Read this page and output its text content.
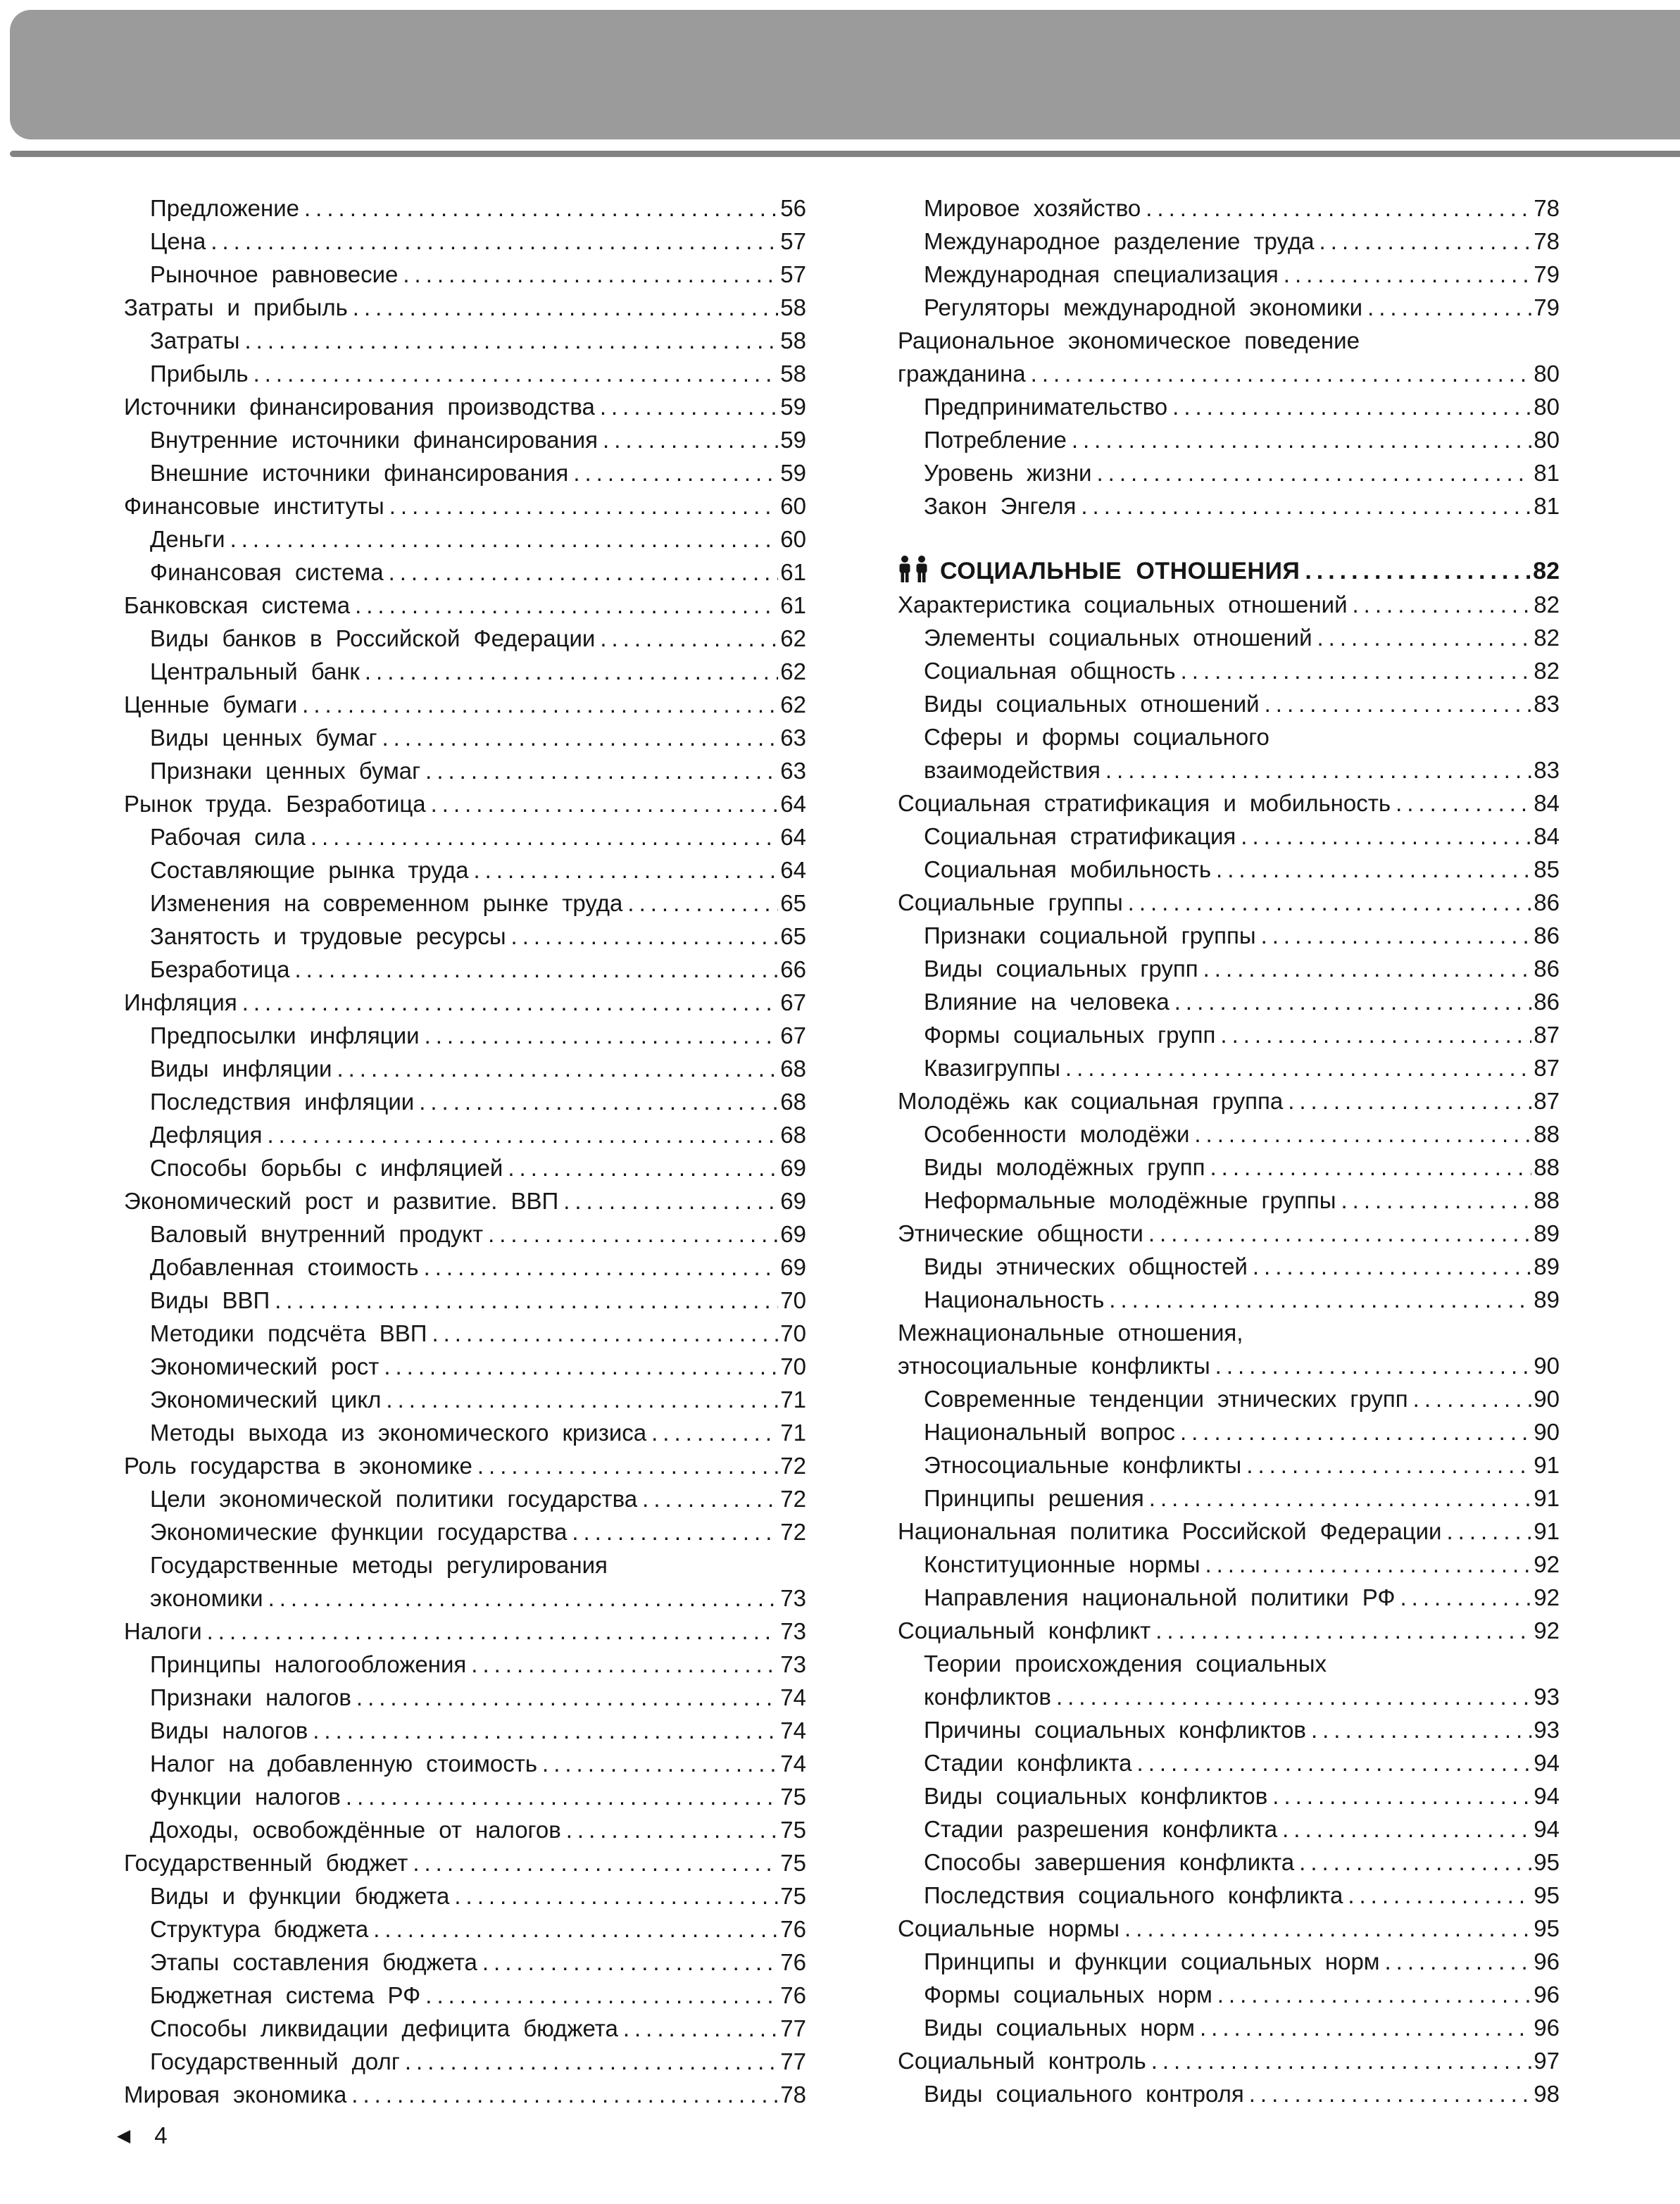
Предложение .....	56
Цена .....	57
Рыночное равновесие .....	57
Затраты и прибыль .....	58
Затраты .....	58
Прибыль .....	58
Источники финансирования производства .....	59
Внутренние источники финансирования .....	59
Внешние источники финансирования .....	59
Финансовые институты .....	60
Деньги .....	60
Финансовая система .....	61
Банковская система .....	61
Виды банков в Российской Федерации .....	62
Центральный банк .....	62
Ценные бумаги .....	62
Виды ценных бумаг .....	63
Признаки ценных бумаг .....	63
Рынок труда. Безработица .....	64
Рабочая сила .....	64
Составляющие рынка труда .....	64
Изменения на современном рынке труда .....	65
Занятость и трудовые ресурсы .....	65
Безработица .....	66
Инфляция .....	67
Предпосылки инфляции .....	67
Виды инфляции .....	68
Последствия инфляции .....	68
Дефляция .....	68
Способы борьбы с инфляцией .....	69
Экономический рост и развитие. ВВП .....	69
Валовый внутренний продукт .....	69
Добавленная стоимость .....	69
Виды ВВП .....	70
Методики подсчёта ВВП .....	70
Экономический рост .....	70
Экономический цикл .....	71
Методы выхода из экономического кризиса .....	71
Роль государства в экономике .....	72
Цели экономической политики государства .....	72
Экономические функции государства .....	72
Государственные методы регулирования
экономики .....	73
Налоги .....	73
Принципы налогообложения .....	73
Признаки налогов .....	74
Виды налогов .....	74
Налог на добавленную стоимость .....	74
Функции налогов .....	75
Доходы, освобождённые от налогов .....	75
Государственный бюджет .....	75
Виды и функции бюджета .....	75
Структура бюджета .....	76
Этапы составления бюджета .....	76
Бюджетная система РФ .....	76
Способы ликвидации дефицита бюджета .....	77
Государственный долг .....	77
Мировая экономика .....	78
Мировое хозяйство .....	78
Международное разделение труда .....	78
Международная специализация .....	79
Регуляторы международной экономики .....	79
Рациональное экономическое поведение
гражданина .....	80
Предпринимательство .....	80
Потребление .....	80
Уровень жизни .....	81
Закон Энгеля .....	81
СОЦИАЛЬНЫЕ ОТНОШЕНИЯ .....	82
Характеристика социальных отношений .....	82
Элементы социальных отношений .....	82
Социальная общность .....	82
Виды социальных отношений .....	83
Сферы и формы социального
взаимодействия .....	83
Социальная стратификация и мобильность .....	84
Социальная стратификация .....	84
Социальная мобильность .....	85
Социальные группы .....	86
Признаки социальной группы .....	86
Виды социальных групп .....	86
Влияние на человека .....	86
Формы социальных групп .....	87
Квазигруппы .....	87
Молодёжь как социальная группа .....	87
Особенности молодёжи .....	88
Виды молодёжных групп .....	88
Неформальные молодёжные группы .....	88
Этнические общности .....	89
Виды этнических общностей .....	89
Национальность .....	89
Межнациональные отношения,
этносоциальные конфликты .....	90
Современные тенденции этнических групп .....	90
Национальный вопрос .....	90
Этносоциальные конфликты .....	91
Принципы решения .....	91
Национальная политика Российской Федерации .....	91
Конституционные нормы .....	92
Направления национальной политики РФ .....	92
Социальный конфликт .....	92
Теории происхождения социальных
конфликтов .....	93
Причины социальных конфликтов .....	93
Стадии конфликта .....	94
Виды социальных конфликтов .....	94
Стадии разрешения конфликта .....	94
Способы завершения конфликта .....	95
Последствия социального конфликта .....	95
Социальные нормы .....	95
Принципы и функции социальных норм .....	96
Формы социальных норм .....	96
Виды социальных норм .....	96
Социальный контроль .....	97
Виды социального контроля .....	98
◀ 4
